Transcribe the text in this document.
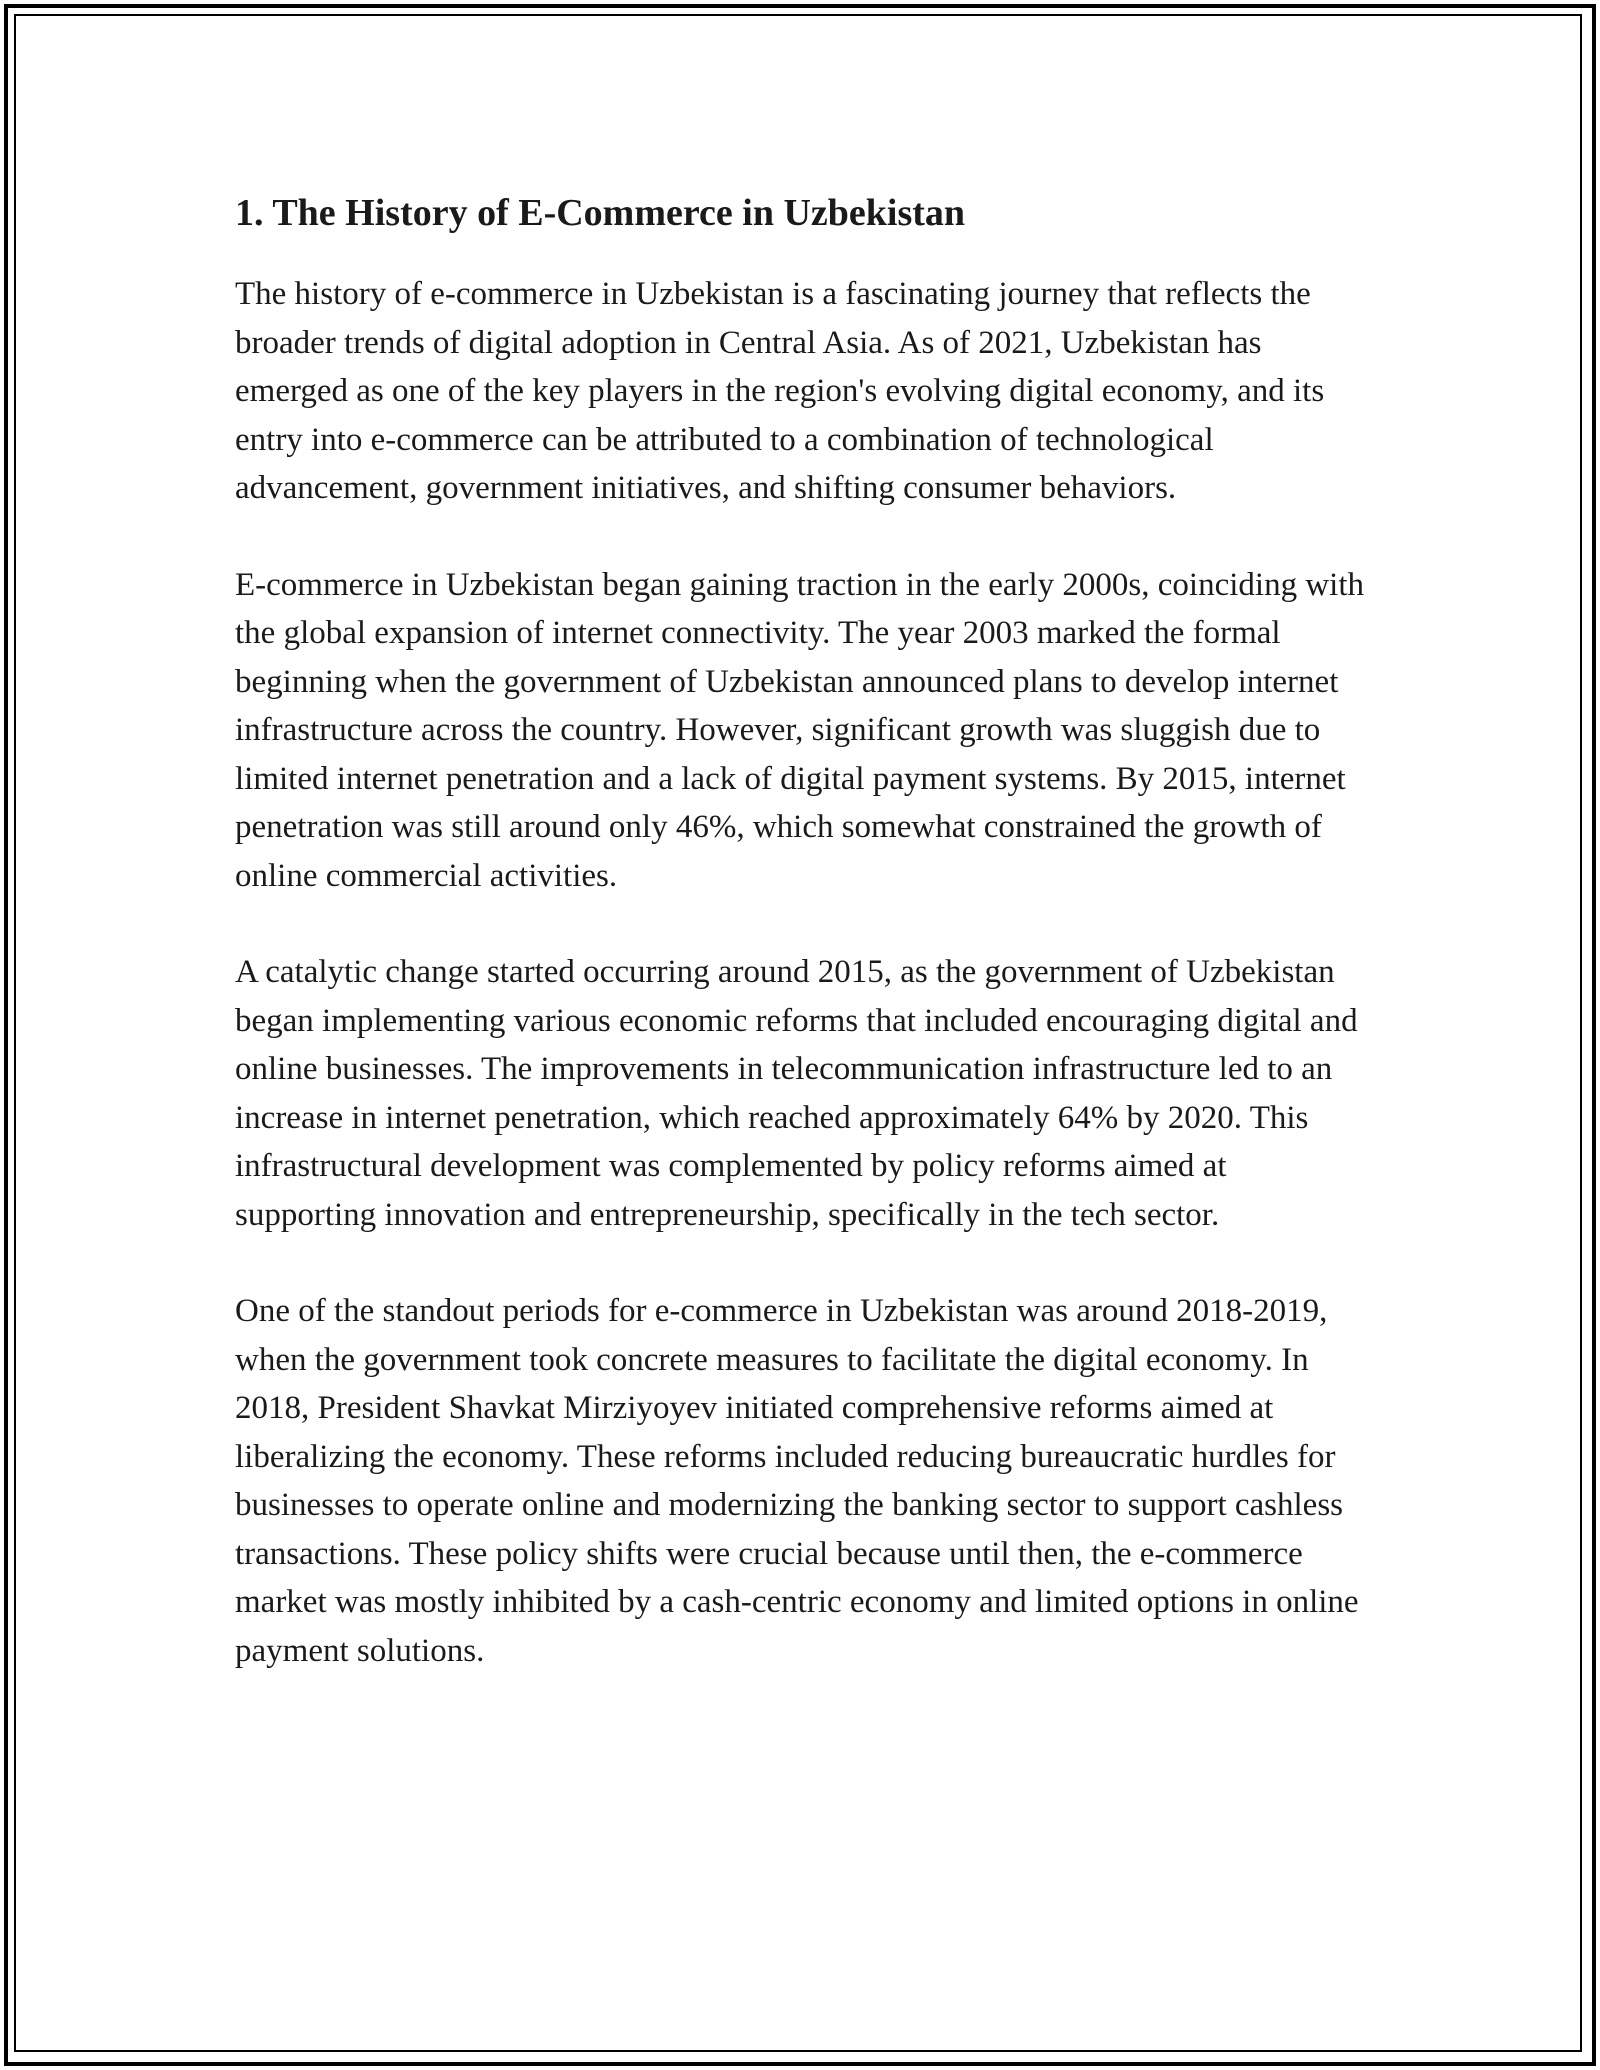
1. The History of E-Commerce in Uzbekistan

The history of e-commerce in Uzbekistan is a fascinating journey that reflects the broader trends of digital adoption in Central Asia. As of 2021, Uzbekistan has emerged as one of the key players in the region's evolving digital economy, and its entry into e-commerce can be attributed to a combination of technological advancement, government initiatives, and shifting consumer behaviors.

E-commerce in Uzbekistan began gaining traction in the early 2000s, coinciding with the global expansion of internet connectivity. The year 2003 marked the formal beginning when the government of Uzbekistan announced plans to develop internet infrastructure across the country. However, significant growth was sluggish due to limited internet penetration and a lack of digital payment systems. By 2015, internet penetration was still around only 46%, which somewhat constrained the growth of online commercial activities.

A catalytic change started occurring around 2015, as the government of Uzbekistan began implementing various economic reforms that included encouraging digital and online businesses. The improvements in telecommunication infrastructure led to an increase in internet penetration, which reached approximately 64% by 2020. This infrastructural development was complemented by policy reforms aimed at supporting innovation and entrepreneurship, specifically in the tech sector.

One of the standout periods for e-commerce in Uzbekistan was around 2018-2019, when the government took concrete measures to facilitate the digital economy. In 2018, President Shavkat Mirziyoyev initiated comprehensive reforms aimed at liberalizing the economy. These reforms included reducing bureaucratic hurdles for businesses to operate online and modernizing the banking sector to support cashless transactions. These policy shifts were crucial because until then, the e-commerce market was mostly inhibited by a cash-centric economy and limited options in online payment solutions.
